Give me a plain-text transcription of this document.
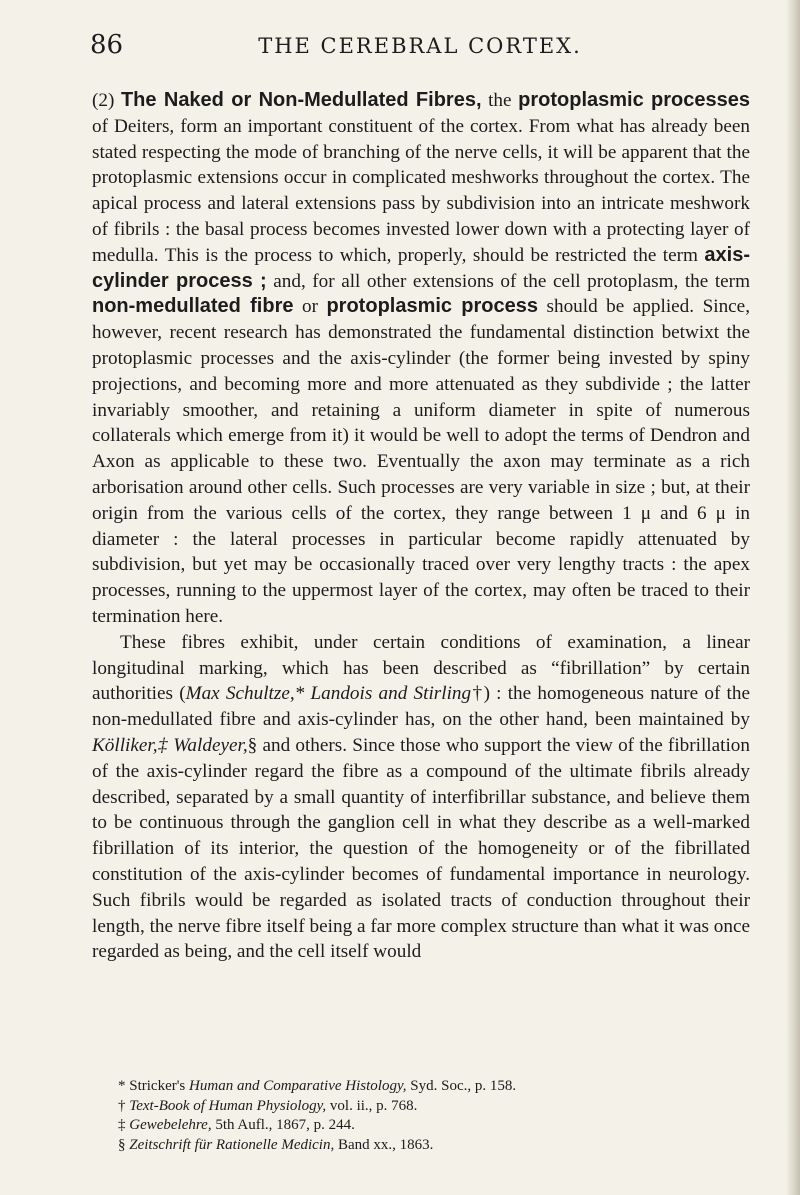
86	THE CEREBRAL CORTEX.

(2) The Naked or Non-Medullated Fibres, the protoplasmic processes of Deiters, form an important constituent of the cortex. From what has already been stated respecting the mode of branching of the nerve cells, it will be apparent that the protoplasmic extensions occur in complicated meshworks throughout the cortex. The apical process and lateral extensions pass by subdivision into an intricate meshwork of fibrils : the basal process becomes invested lower down with a protecting layer of medulla. This is the process to which, properly, should be restricted the term axis-cylinder process ; and, for all other extensions of the cell protoplasm, the term non-medullated fibre or protoplasmic process should be applied. Since, however, recent research has demonstrated the fundamental distinction betwixt the protoplasmic processes and the axis-cylinder (the former being invested by spiny projections, and becoming more and more attenuated as they subdivide ; the latter invariably smoother, and retaining a uniform diameter in spite of numerous collaterals which emerge from it) it would be well to adopt the terms of Dendron and Axon as applicable to these two. Eventually the axon may terminate as a rich arborisation around other cells. Such processes are very variable in size ; but, at their origin from the various cells of the cortex, they range between 1 μ and 6 μ in diameter : the lateral processes in particular become rapidly attenuated by subdivision, but yet may be occasionally traced over very lengthy tracts : the apex processes, running to the uppermost layer of the cortex, may often be traced to their termination here.

These fibres exhibit, under certain conditions of examination, a linear longitudinal marking, which has been described as “fibrillation” by certain authorities (Max Schultze,* Landois and Stirling†) : the homogeneous nature of the non-medullated fibre and axis-cylinder has, on the other hand, been maintained by Kölliker,‡ Waldeyer,§ and others. Since those who support the view of the fibrillation of the axis-cylinder regard the fibre as a compound of the ultimate fibrils already described, separated by a small quantity of interfibrillar substance, and believe them to be continuous through the ganglion cell in what they describe as a well-marked fibrillation of its interior, the question of the homogeneity or of the fibrillated constitution of the axis-cylinder becomes of fundamental importance in neurology. Such fibrils would be regarded as isolated tracts of conduction throughout their length, the nerve fibre itself being a far more complex structure than what it was once regarded as being, and the cell itself would

* Stricker's Human and Comparative Histology, Syd. Soc., p. 158.
† Text-Book of Human Physiology, vol. ii., p. 768.
‡ Gewebelehre, 5th Aufl., 1867, p. 244.
§ Zeitschrift für Rationelle Medicin, Band xx., 1863.
